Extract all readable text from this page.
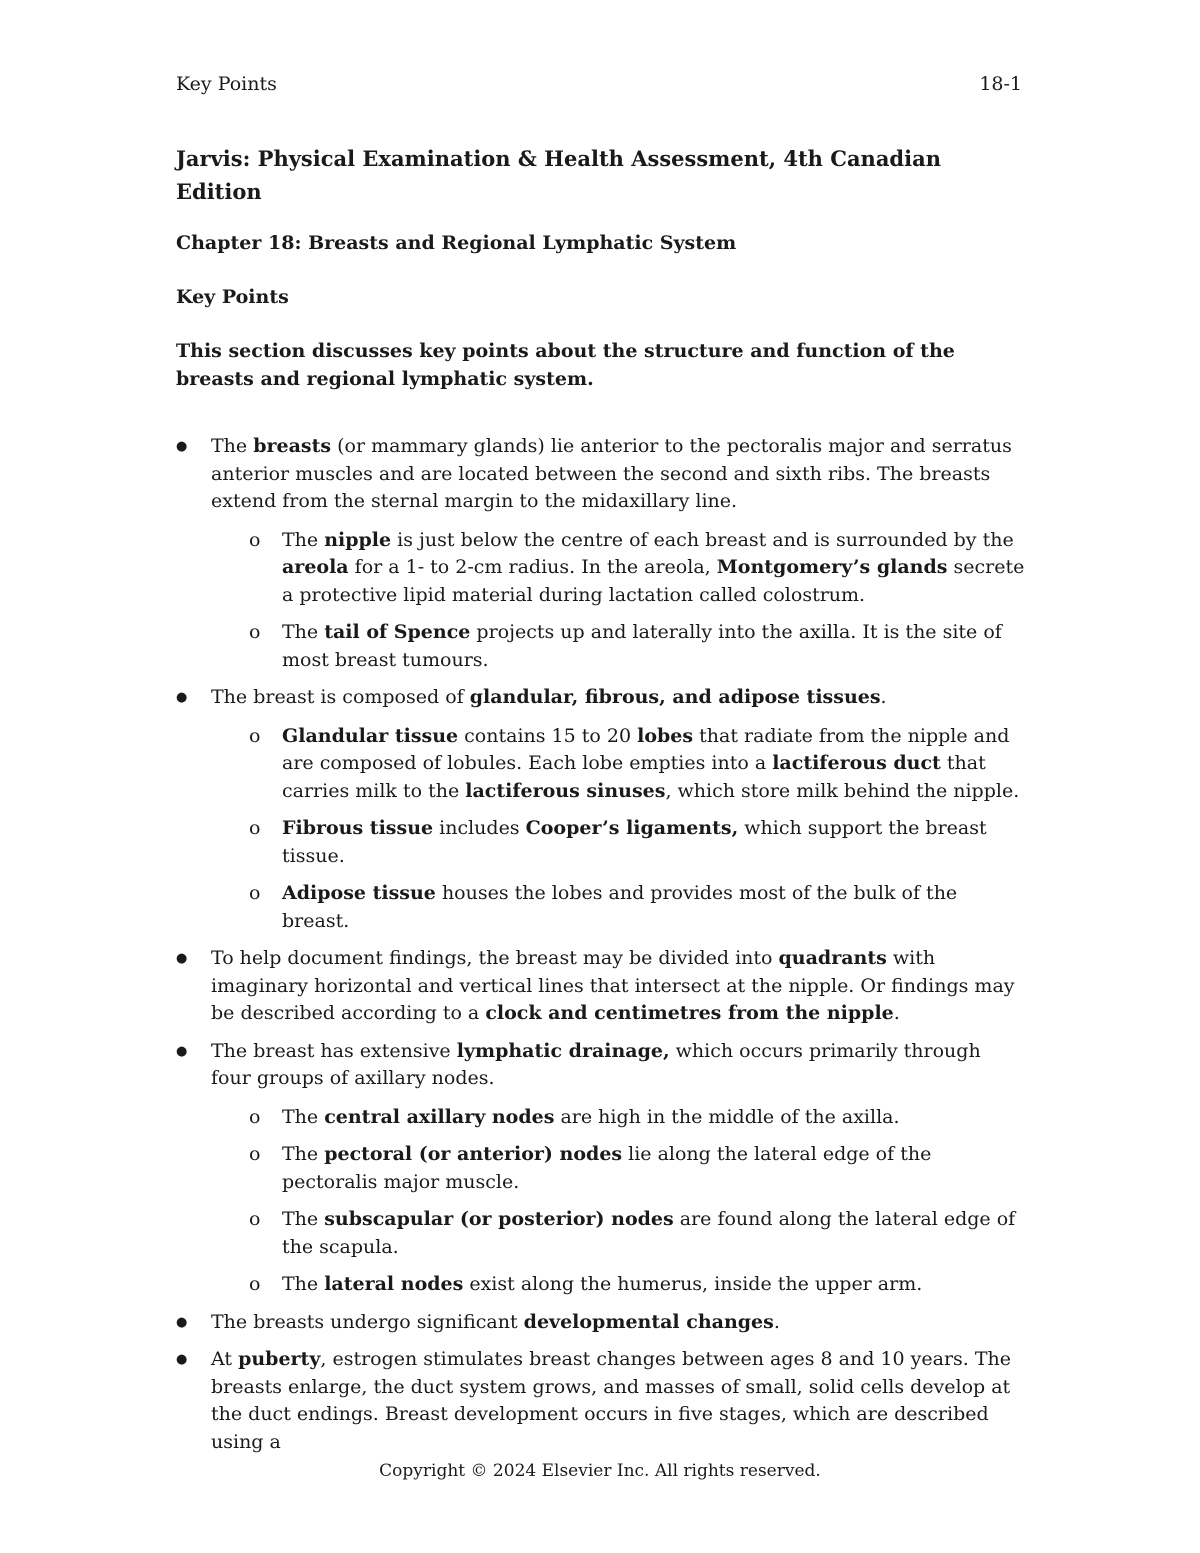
Key Points	18-1
Jarvis: Physical Examination & Health Assessment, 4th Canadian Edition
Chapter 18: Breasts and Regional Lymphatic System
Key Points
This section discusses key points about the structure and function of the breasts and regional lymphatic system.
● The breasts (or mammary glands) lie anterior to the pectoralis major and serratus anterior muscles and are located between the second and sixth ribs. The breasts extend from the sternal margin to the midaxillary line.
o The nipple is just below the centre of each breast and is surrounded by the areola for a 1- to 2-cm radius. In the areola, Montgomery’s glands secrete a protective lipid material during lactation called colostrum.
o The tail of Spence projects up and laterally into the axilla. It is the site of most breast tumours.
● The breast is composed of glandular, fibrous, and adipose tissues.
o Glandular tissue contains 15 to 20 lobes that radiate from the nipple and are composed of lobules. Each lobe empties into a lactiferous duct that carries milk to the lactiferous sinuses, which store milk behind the nipple.
o Fibrous tissue includes Cooper’s ligaments, which support the breast tissue.
o Adipose tissue houses the lobes and provides most of the bulk of the breast.
● To help document findings, the breast may be divided into quadrants with imaginary horizontal and vertical lines that intersect at the nipple. Or findings may be described according to a clock and centimetres from the nipple.
● The breast has extensive lymphatic drainage, which occurs primarily through four groups of axillary nodes.
o The central axillary nodes are high in the middle of the axilla.
o The pectoral (or anterior) nodes lie along the lateral edge of the pectoralis major muscle.
o The subscapular (or posterior) nodes are found along the lateral edge of the scapula.
o The lateral nodes exist along the humerus, inside the upper arm.
● The breasts undergo significant developmental changes.
● At puberty, estrogen stimulates breast changes between ages 8 and 10 years. The breasts enlarge, the duct system grows, and masses of small, solid cells develop at the duct endings. Breast development occurs in five stages, which are described using a
Copyright © 2024 Elsevier Inc. All rights reserved.
